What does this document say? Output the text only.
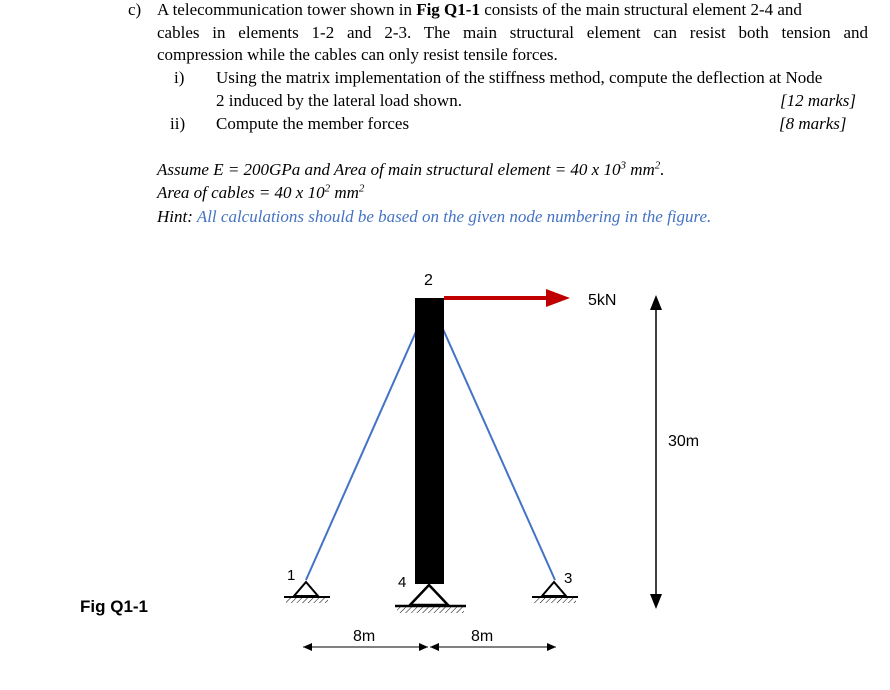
c) A telecommunication tower shown in Fig Q1-1 consists of the main structural element 2-4 and
cables in elements 1-2 and 2-3. The main structural element can resist both tension and
compression while the cables can only resist tensile forces.
i) Using the matrix implementation of the stiffness method, compute the deflection at Node
2 induced by the lateral load shown.	[12 marks]
ii) Compute the member forces	[8 marks]
Assume E = 200GPa and Area of main structural element = 40 x $10^3$ $mm^2$.
Area of cables = 40 x $10^2$ $mm^2$
Hint: All calculations should be based on the given node numbering in the figure.
Fig Q1-1
1
2
3
4
5kN
30m
8m	8m
